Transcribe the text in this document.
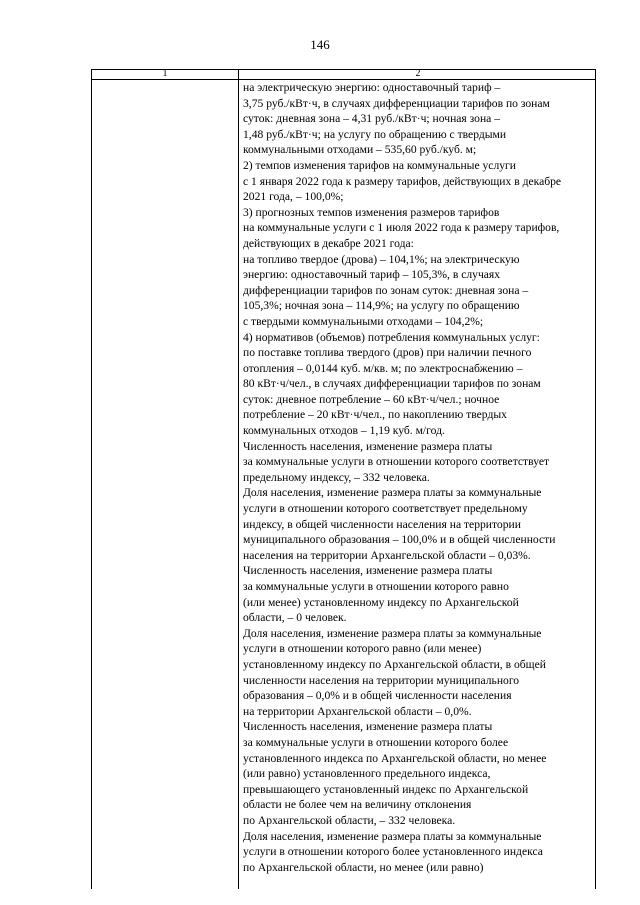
146
1	2
на электрическую энергию: одноставочный тариф –
3,75 руб./кВт·ч, в случаях дифференциации тарифов по зонам
суток: дневная зона – 4,31 руб./кВт·ч; ночная зона –
1,48 руб./кВт·ч; на услугу по обращению с твердыми
коммунальными отходами – 535,60 руб./куб. м;
2) темпов изменения тарифов на коммунальные услуги
с 1 января 2022 года к размеру тарифов, действующих в декабре
2021 года, – 100,0%;
3) прогнозных темпов изменения размеров тарифов
на коммунальные услуги с 1 июля 2022 года к размеру тарифов,
действующих в декабре 2021 года:
на топливо твердое (дрова) – 104,1%; на электрическую
энергию: одноставочный тариф – 105,3%, в случаях
дифференциации тарифов по зонам суток: дневная зона –
105,3%; ночная зона – 114,9%; на услугу по обращению
с твердыми коммунальными отходами – 104,2%;
4) нормативов (объемов) потребления коммунальных услуг:
по поставке топлива твердого (дров) при наличии печного
отопления – 0,0144 куб. м/кв. м; по электроснабжению –
80 кВт·ч/чел., в случаях дифференциации тарифов по зонам
суток: дневное потребление – 60 кВт·ч/чел.; ночное
потребление – 20 кВт·ч/чел., по накоплению твердых
коммунальных отходов – 1,19 куб. м/год.
Численность населения, изменение размера платы
за коммунальные услуги в отношении которого соответствует
предельному индексу, – 332 человека.
Доля населения, изменение размера платы за коммунальные
услуги в отношении которого соответствует предельному
индексу, в общей численности населения на территории
муниципального образования – 100,0% и в общей численности
населения на территории Архангельской области – 0,03%.
Численность населения, изменение размера платы
за коммунальные услуги в отношении которого равно
(или менее) установленному индексу по Архангельской
области, – 0 человек.
Доля населения, изменение размера платы за коммунальные
услуги в отношении которого равно (или менее)
установленному индексу по Архангельской области, в общей
численности населения на территории муниципального
образования – 0,0% и в общей численности населения
на территории Архангельской области – 0,0%.
Численность населения, изменение размера платы
за коммунальные услуги в отношении которого более
установленного индекса по Архангельской области, но менее
(или равно) установленного предельного индекса,
превышающего установленный индекс по Архангельской
области не более чем на величину отклонения
по Архангельской области, – 332 человека.
Доля населения, изменение размера платы за коммунальные
услуги в отношении которого более установленного индекса
по Архангельской области, но менее (или равно)
